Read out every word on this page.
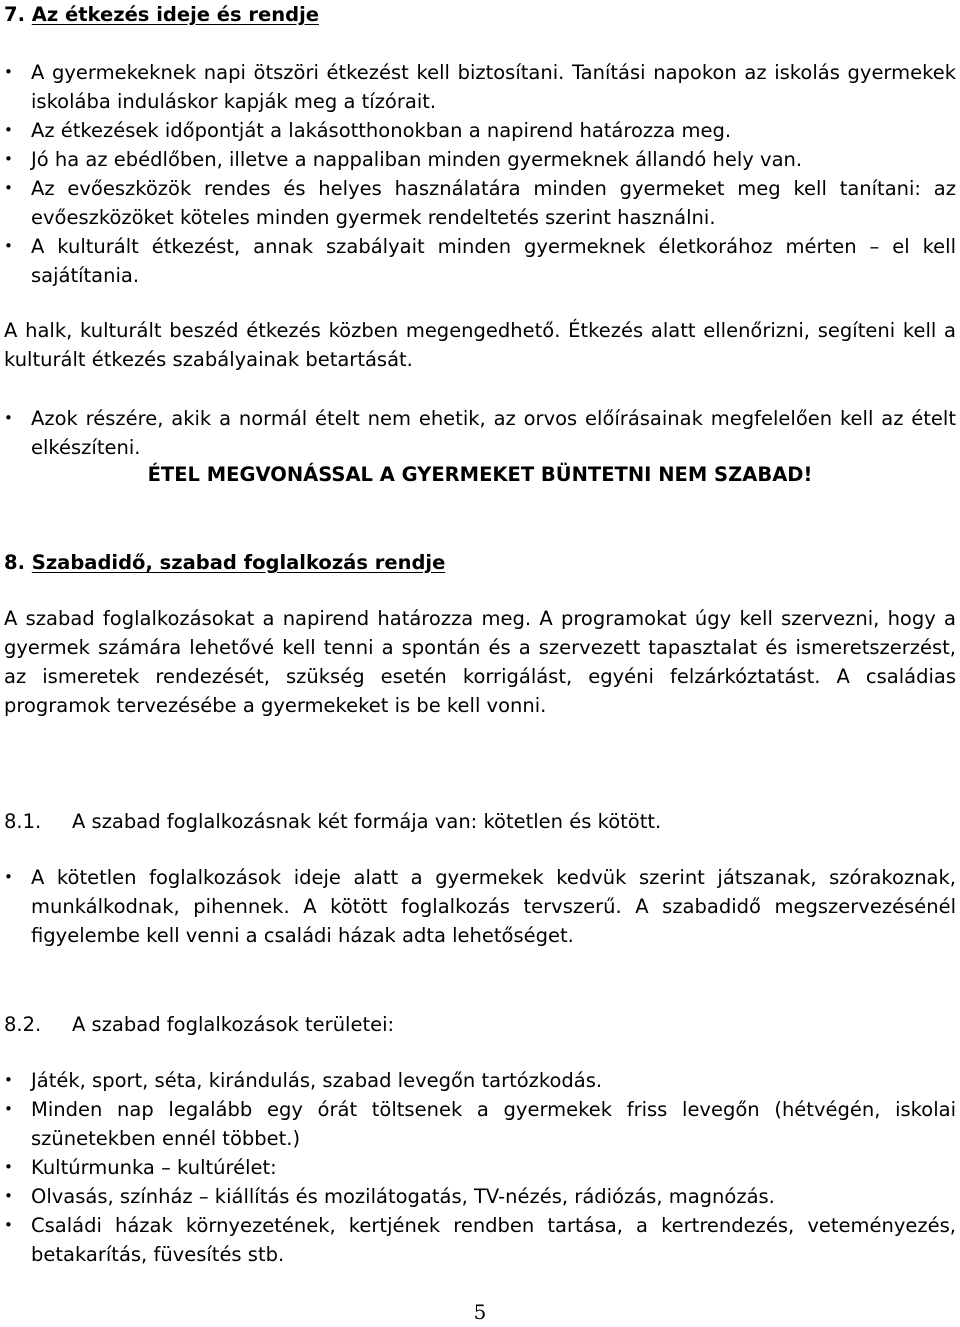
7. Az étkezés ideje és rendje
• A gyermekeknek napi ötszöri étkezést kell biztosítani. Tanítási napokon az iskolás gyermekek iskolába induláskor kapják meg a tízórait.
• Az étkezések időpontját a lakásotthonokban a napirend határozza meg.
• Jó ha az ebédlőben, illetve a nappaliban minden gyermeknek állandó hely van.
• Az evőeszközök rendes és helyes használatára minden gyermeket meg kell tanítani: az evőeszközöket köteles minden gyermek rendeltetés szerint használni.
• A kulturált étkezést, annak szabályait minden gyermeknek életkorához mérten – el kell sajátítania.
A halk, kulturált beszéd étkezés közben megengedhető. Étkezés alatt ellenőrizni, segíteni kell a kulturált étkezés szabályainak betartását.
• Azok részére, akik a normál ételt nem ehetik, az orvos előírásainak megfelelően kell az ételt elkészíteni.
ÉTEL MEGVONÁSSAL A GYERMEKET BÜNTETNI NEM SZABAD!
8. Szabadidő, szabad foglalkozás rendje
A szabad foglalkozásokat a napirend határozza meg. A programokat úgy kell szervezni, hogy a gyermek számára lehetővé kell tenni a spontán és a szervezett tapasztalat és ismeretszerzést, az ismeretek rendezését, szükség esetén korrigálást, egyéni felzárkóztatást. A családias programok tervezésébe a gyermekeket is be kell vonni.
8.1. A szabad foglalkozásnak két formája van: kötetlen és kötött.
• A kötetlen foglalkozások ideje alatt a gyermekek kedvük szerint játszanak, szórakoznak, munkálkodnak, pihennek. A kötött foglalkozás tervszerű. A szabadidő megszervezésénél figyelembe kell venni a családi házak adta lehetőséget.
8.2. A szabad foglalkozások területei:
• Játék, sport, séta, kirándulás, szabad levegőn tartózkodás.
• Minden nap legalább egy órát töltsenek a gyermekek friss levegőn (hétvégén, iskolai szünetekben ennél többet.)
• Kultúrmunka – kultúrélet:
• Olvasás, színház – kiállítás és mozilátogatás, TV-nézés, rádiózás, magnózás.
• Családi házak környezetének, kertjének rendben tartása, a kertrendezés, veteményezés, betakarítás, füvesítés stb.
5
